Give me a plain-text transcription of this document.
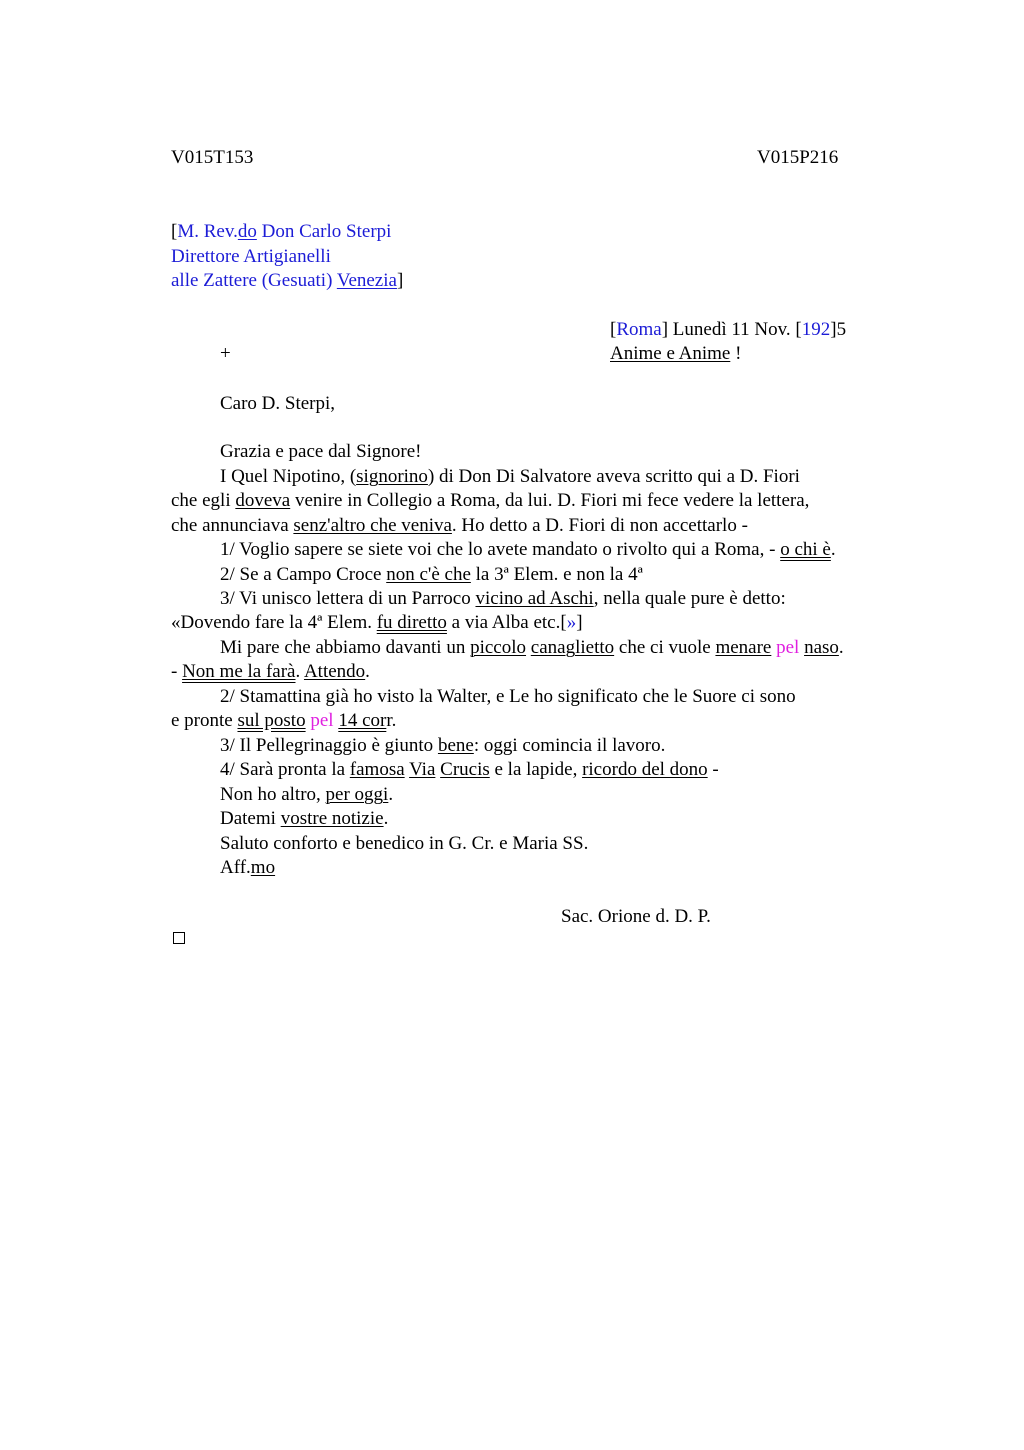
V015T153	V015P216
[M. Rev.do Don Carlo Sterpi
Direttore Artigianelli
alle Zattere (Gesuati) Venezia]
[Roma] Lunedì 11 Nov. [192]5
+	Anime e Anime !
Caro D. Sterpi,
Grazia e pace dal Signore!
I Quel Nipotino, (signorino) di Don Di Salvatore aveva scritto qui a D. Fiori
che egli doveva venire in Collegio a Roma, da lui. D. Fiori mi fece vedere la lettera,
che annunciava senz'altro che veniva. Ho detto a D. Fiori di non accettarlo -
1/ Voglio sapere se siete voi che lo avete mandato o rivolto qui a Roma, - o chi è.
2/ Se a Campo Croce non c'è che la 3ª Elem. e non la 4ª
3/ Vi unisco lettera di un Parroco vicino ad Aschi, nella quale pure è detto:
«Dovendo fare la 4ª Elem. fu diretto a via Alba etc.[»]
Mi pare che abbiamo davanti un piccolo canaglietto che ci vuole menare pel naso.
- Non me la farà. Attendo.
2/ Stamattina già ho visto la Walter, e Le ho significato che le Suore ci sono
e pronte sul posto pel 14 corr.
3/ Il Pellegrinaggio è giunto bene: oggi comincia il lavoro.
4/ Sarà pronta la famosa Via Crucis e la lapide, ricordo del dono -
Non ho altro, per oggi.
Datemi vostre notizie.
Saluto conforto e benedico in G. Cr. e Maria SS.
Aff.mo
Sac. Orione d. D. P.
